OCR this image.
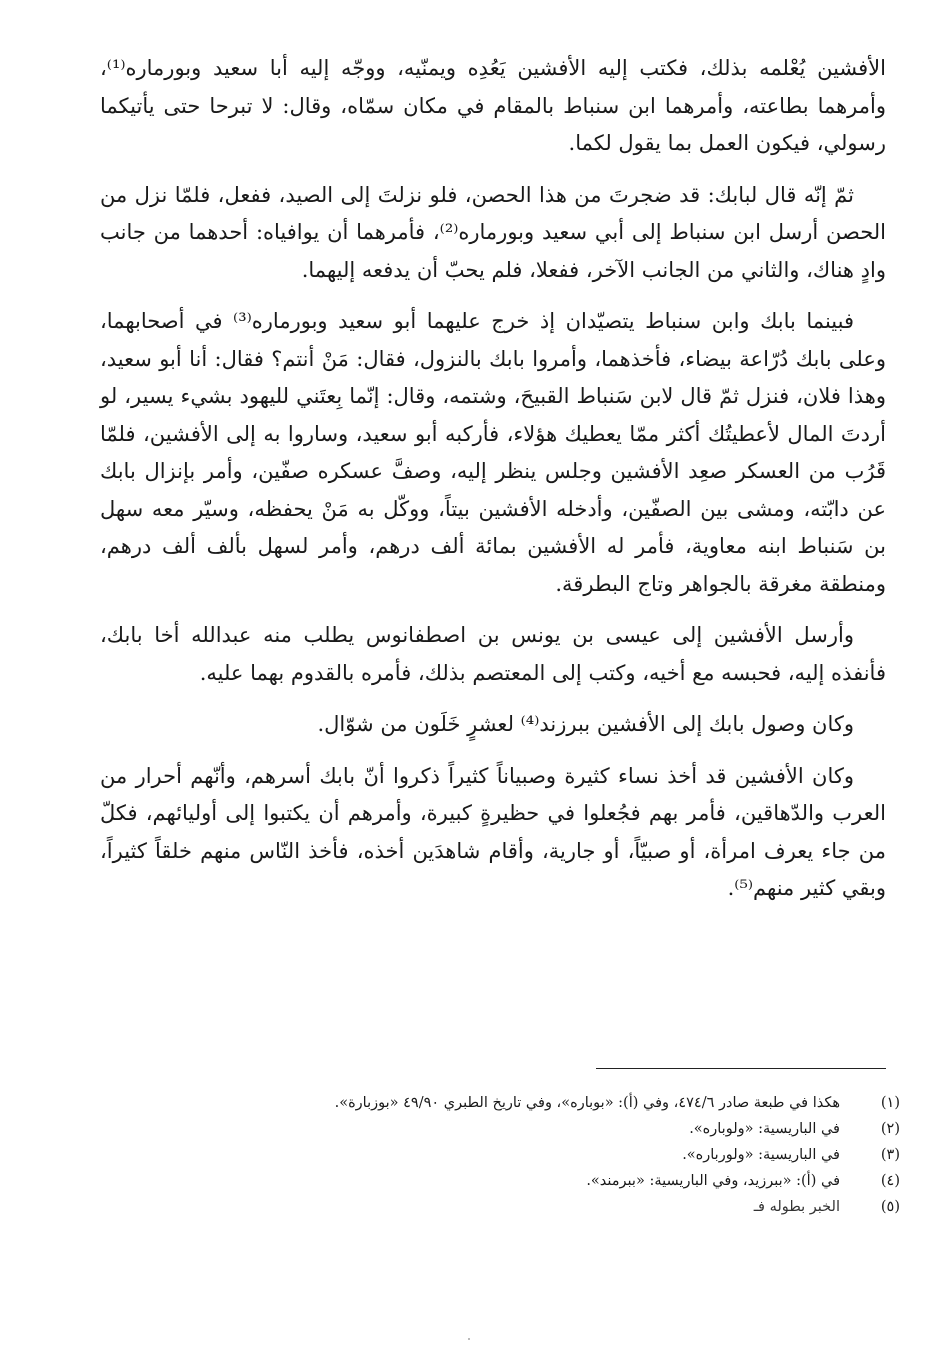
الأفشين يُعْلمه بذلك، فكتب إليه الأفشين يَعُدِه ويمنّيه، ووجّه إليه أبا سعيد وبورماره⁽¹⁾، وأمرهما بطاعته، وأمرهما ابن سنباط بالمقام في مكان سمّاه، وقال: لا تبرحا حتى يأتيكما رسولي، فيكون العمل بما يقول لكما.

ثمّ إنّه قال لبابك: قد ضجرتَ من هذا الحصن، فلو نزلتَ إلى الصيد، ففعل، فلمّا نزل من الحصن أرسل ابن سنباط إلى أبي سعيد وبورماره⁽²⁾، فأمرهما أن يوافياه: أحدهما من جانب وادٍ هناك، والثاني من الجانب الآخر، ففعلا، فلم يحبّ أن يدفعه إليهما.

فبينما بابك وابن سنباط يتصيّدان إذ خرج عليهما أبو سعيد وبورماره⁽³⁾ في أصحابهما، وعلى بابك دُرّاعة بيضاء، فأخذهما، وأمروا بابك بالنزول، فقال: مَنْ أنتم؟ فقال: أنا أبو سعيد، وهذا فلان، فنزل ثمّ قال لابن سَنباط القبيحَ، وشتمه، وقال: إنّما بِعتَني لليهود بشيء يسير، لو أردتَ المال لأعطيتُك أكثر ممّا يعطيك هؤلاء، فأركبه أبو سعيد، وساروا به إلى الأفشين، فلمّا قَرُب من العسكر صعِد الأفشين وجلس ينظر إليه، وصفَّ عسكره صفّين، وأمر بإنزال بابك عن دابّته، ومشى بين الصفّين، وأدخله الأفشين بيتاً، ووكّل به مَنْ يحفظه، وسيّر معه سهل بن سَنباط ابنه معاوية، فأمر له الأفشين بمائة ألف درهم، وأمر لسهل بألف ألف درهم، ومنطقة مغرقة بالجواهر وتاج البطرقة.

وأرسل الأفشين إلى عيسى بن يونس بن اصطفانوس يطلب منه عبدالله أخا بابك، فأنفذه إليه، فحبسه مع أخيه، وكتب إلى المعتصم بذلك، فأمره بالقدوم بهما عليه.

وكان وصول بابك إلى الأفشين ببرزند⁽⁴⁾ لعشرٍ خَلَون من شوّال.

وكان الأفشين قد أخذ نساء كثيرة وصبياناً كثيراً ذكروا أنّ بابك أسرهم، وأنّهم أحرار من العرب والدّهاقين، فأمر بهم فجُعلوا في حظيرةٍ كبيرة، وأمرهم أن يكتبوا إلى أوليائهم، فكلّ من جاء يعرف امرأة، أو صبيّاً، أو جارية، وأقام شاهدَين أخذه، فأخذ النّاس منهم خلقاً كثيراً، وبقي كثير منهم⁽⁵⁾.

(١)
هكذا في طبعة صادر ٤٧٤/٦، وفي (أ): «بوباره»، وفي تاريخ الطبري ٤٩/٩٠ «بوزبارة».
(٢)
في الباريسية: «ولوباره».
(٣)
في الباريسية: «ولورباره».
(٤)
في (أ): «ببرزيد، وفي الباريسية: «ببرمند».
(٥)
الخبر بطوله فـ
